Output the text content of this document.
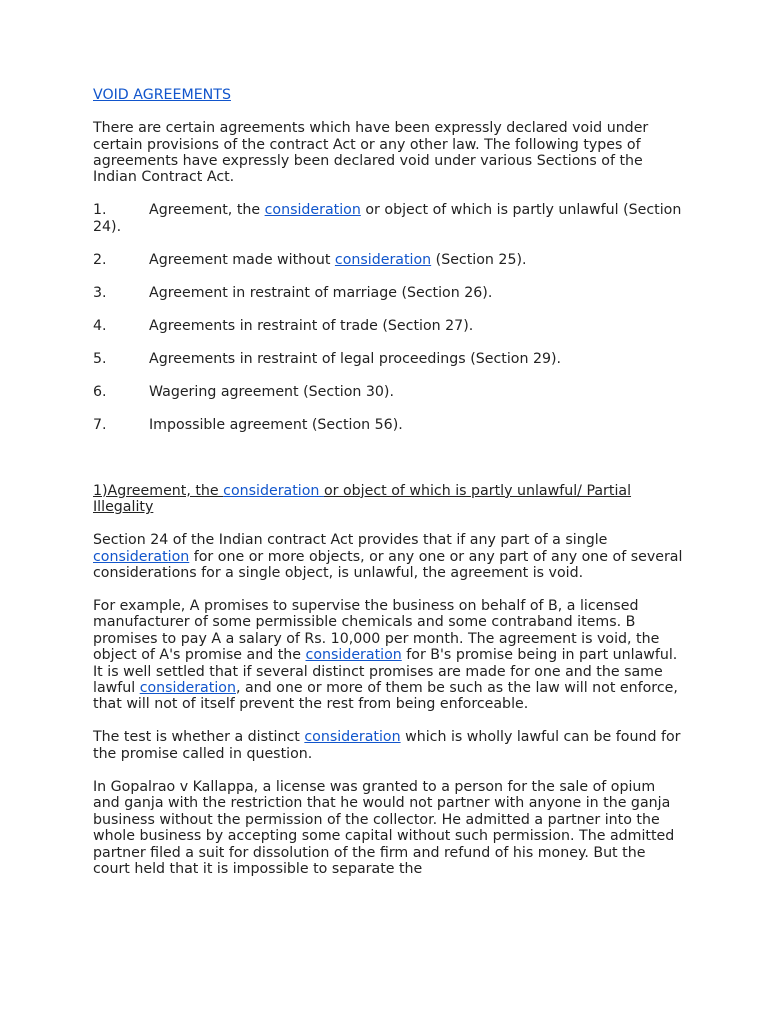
VOID AGREEMENTS

There are certain agreements which have been expressly declared void under certain provisions of the contract Act or any other law. The following types of agreements have expressly been declared void under various Sections of the Indian Contract Act.

1.	Agreement, the consideration or object of which is partly unlawful (Section 24).
2.	Agreement made without consideration (Section 25).
3.	Agreement in restraint of marriage (Section 26).
4.	Agreements in restraint of trade (Section 27).
5.	Agreements in restraint of legal proceedings (Section 29).
6.	Wagering agreement (Section 30).
7.	Impossible agreement (Section 56).

1)Agreement, the consideration or object of which is partly unlawful/ Partial Illegality

Section 24 of the Indian contract Act provides that if any part of a single consideration for one or more objects, or any one or any part of any one of several considerations for a single object, is unlawful, the agreement is void.

For example, A promises to supervise the business on behalf of B, a licensed manufacturer of some permissible chemicals and some contraband items. B promises to pay A a salary of Rs. 10,000 per month. The agreement is void, the object of A's promise and the consideration for B's promise being in part unlawful. It is well settled that if several distinct promises are made for one and the same lawful consideration, and one or more of them be such as the law will not enforce, that will not of itself prevent the rest from being enforceable.

The test is whether a distinct consideration which is wholly lawful can be found for the promise called in question.

In Gopalrao v Kallappa, a license was granted to a person for the sale of opium and ganja with the restriction that he would not partner with anyone in the ganja business without the permission of the collector. He admitted a partner into the whole business by accepting some capital without such permission. The admitted partner filed a suit for dissolution of the firm and refund of his money. But the court held that it is impossible to separate the
